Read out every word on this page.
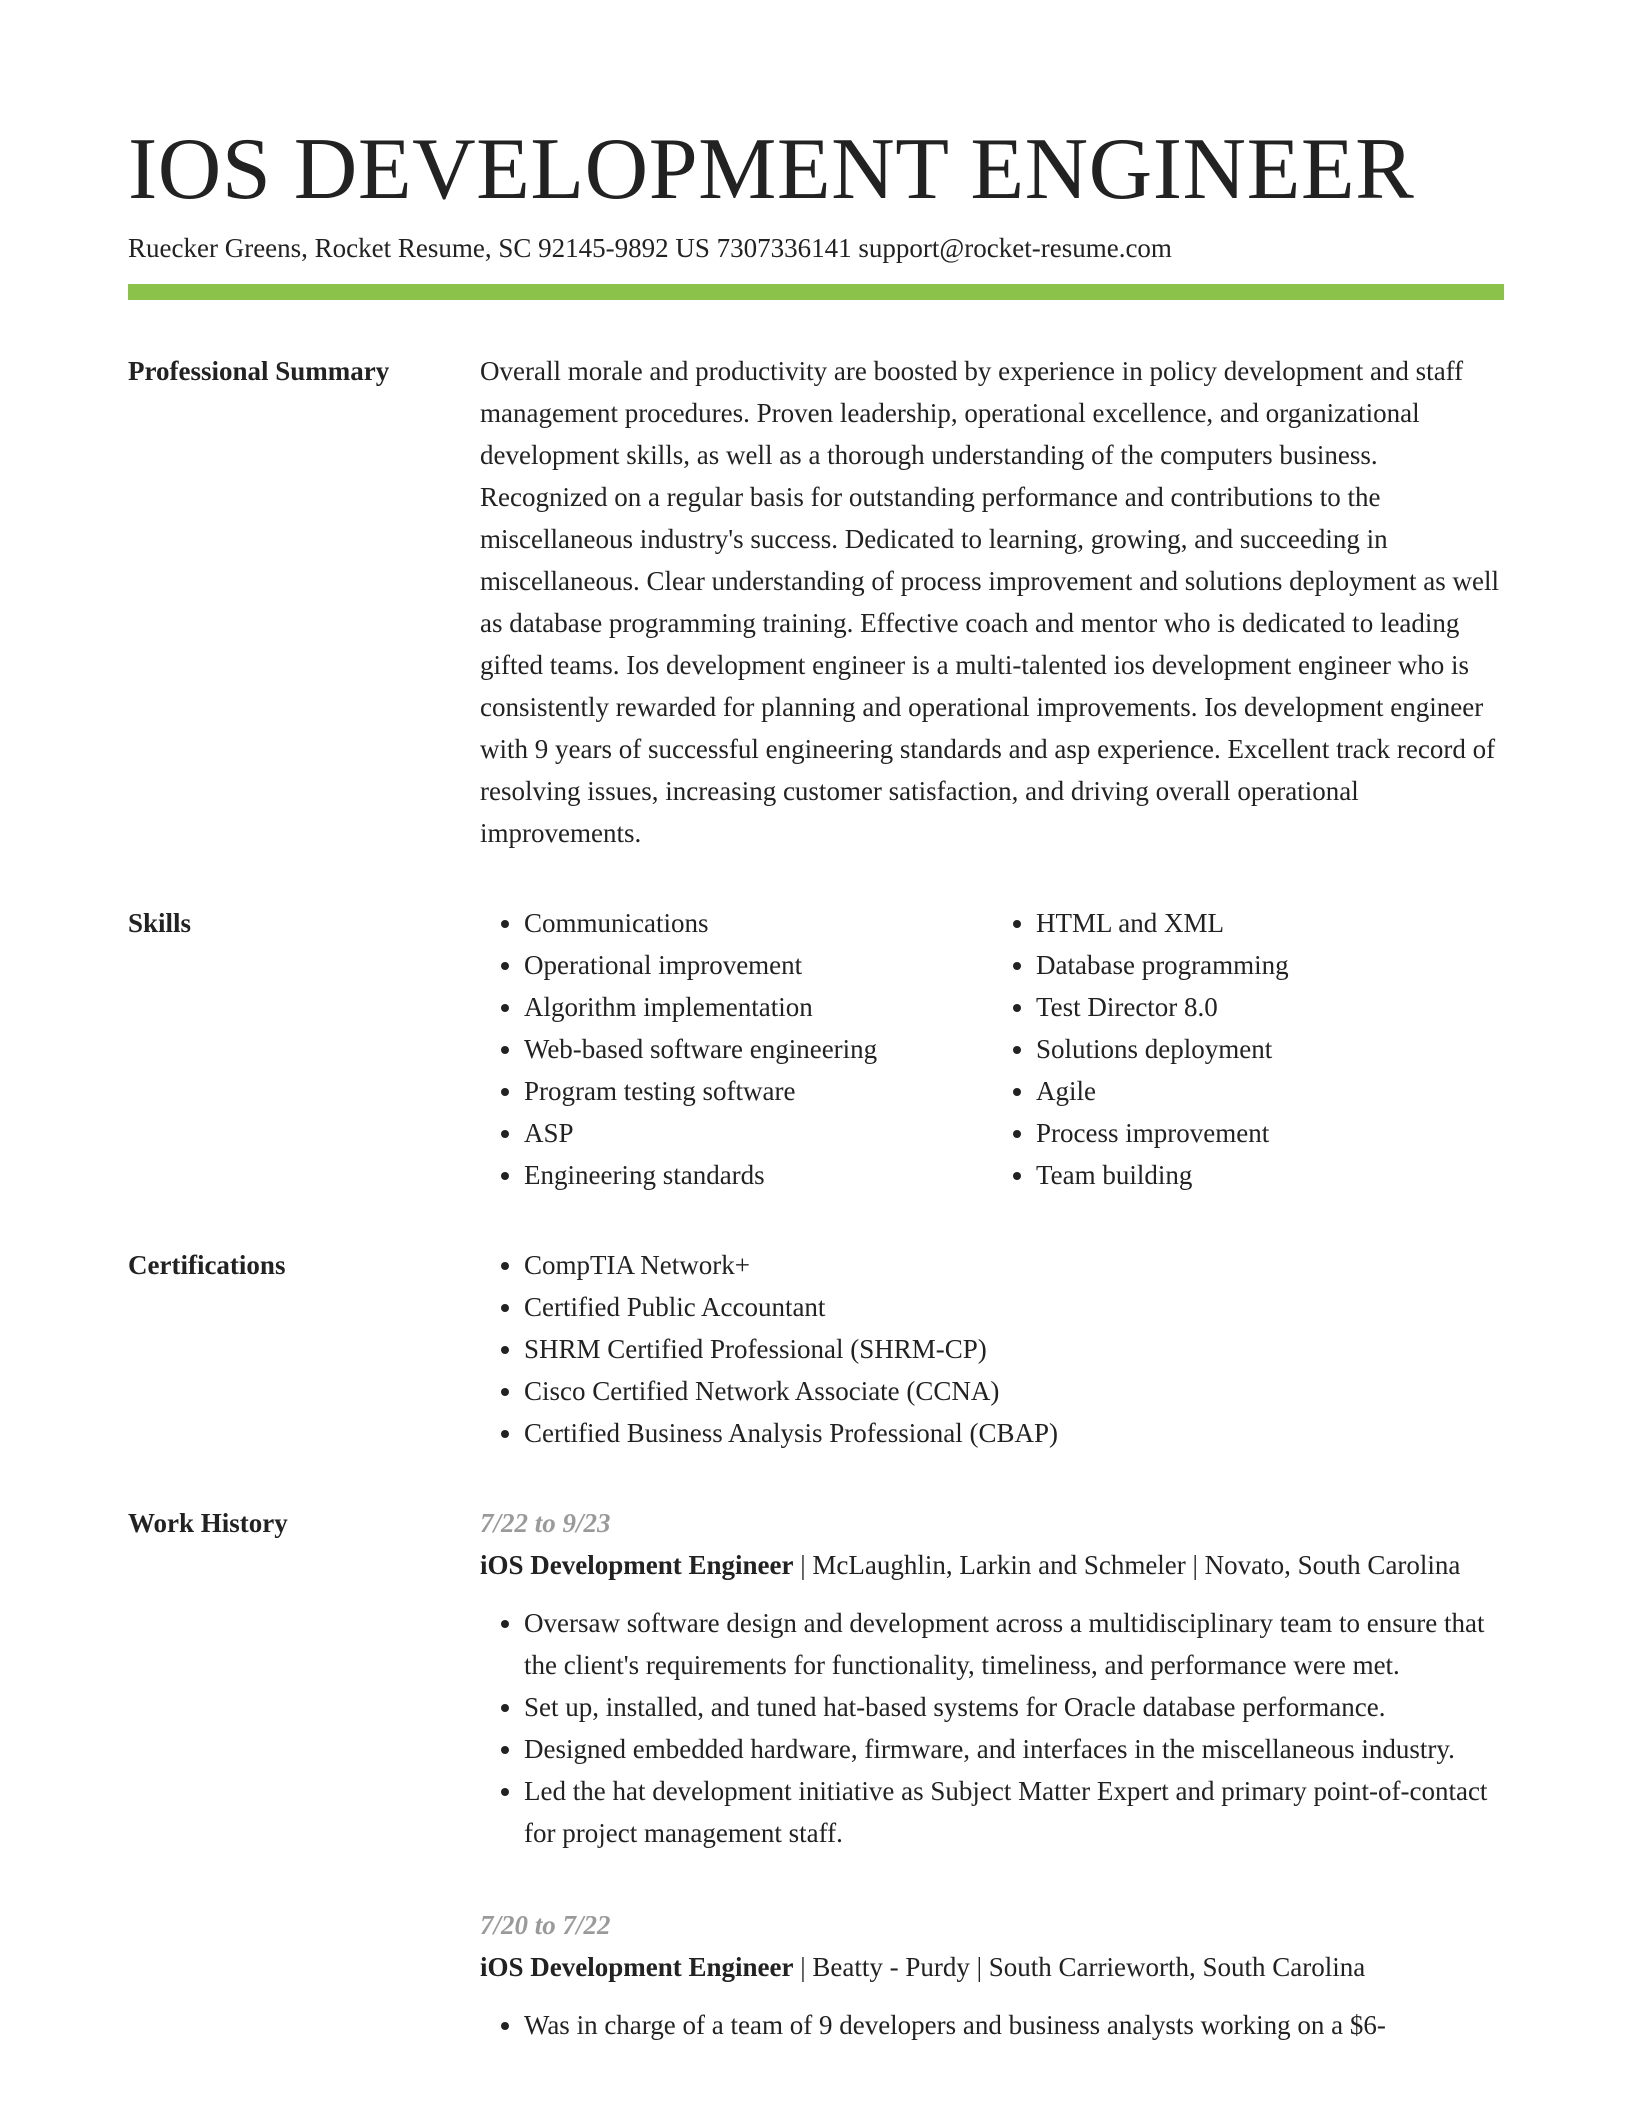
IOS DEVELOPMENT ENGINEER
Ruecker Greens, Rocket Resume, SC 92145-9892 US 7307336141 support@rocket-resume.com
Professional Summary	Overall morale and productivity are boosted by experience in policy development and staff management procedures. Proven leadership, operational excellence, and organizational development skills, as well as a thorough understanding of the computers business. Recognized on a regular basis for outstanding performance and contributions to the miscellaneous industry's success. Dedicated to learning, growing, and succeeding in miscellaneous. Clear understanding of process improvement and solutions deployment as well as database programming training. Effective coach and mentor who is dedicated to leading gifted teams. Ios development engineer is a multi-talented ios development engineer who is consistently rewarded for planning and operational improvements. Ios development engineer with 9 years of successful engineering standards and asp experience. Excellent track record of resolving issues, increasing customer satisfaction, and driving overall operational improvements.

Skills	• Communications
• Operational improvement
• Algorithm implementation
• Web-based software engineering
• Program testing software
• ASP
• Engineering standards
• HTML and XML
• Database programming
• Test Director 8.0
• Solutions deployment
• Agile
• Process improvement
• Team building
Certifications	• CompTIA Network+
• Certified Public Accountant
• SHRM Certified Professional (SHRM-CP)
• Cisco Certified Network Associate (CCNA)
• Certified Business Analysis Professional (CBAP)
Work History	7/22 to 9/23
iOS Development Engineer | McLaughlin, Larkin and Schmeler | Novato, South Carolina
• Oversaw software design and development across a multidisciplinary team to ensure that the client's requirements for functionality, timeliness, and performance were met.
• Set up, installed, and tuned hat-based systems for Oracle database performance.
• Designed embedded hardware, firmware, and interfaces in the miscellaneous industry.
• Led the hat development initiative as Subject Matter Expert and primary point-of-contact for project management staff.
7/20 to 7/22
iOS Development Engineer | Beatty - Purdy | South Carrieworth, South Carolina
• Was in charge of a team of 9 developers and business analysts working on a $6-
